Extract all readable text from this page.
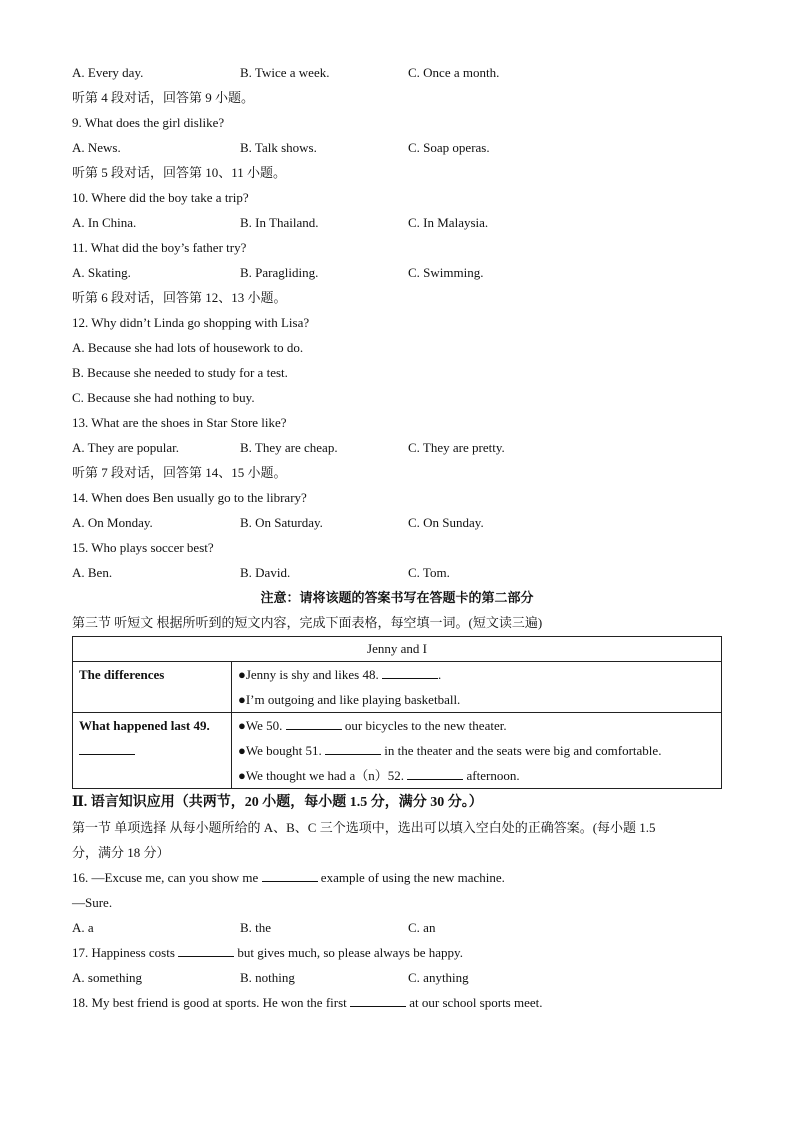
A. Every day.	B. Twice a week.	C. Once a month.
听第 4 段对话，回答第 9 小题。
9. What does the girl dislike?
A. News.	B. Talk shows.	C. Soap operas.
听第 5 段对话，回答第 10、11 小题。
10. Where did the boy take a trip?
A. In China.	B. In Thailand.	C. In Malaysia.
11. What did the boy’s father try?
A. Skating.	B. Paragliding.	C. Swimming.
听第 6 段对话，回答第 12、13 小题。
12. Why didn’t Linda go shopping with Lisa?
A. Because she had lots of housework to do.
B. Because she needed to study for a test.
C. Because she had nothing to buy.
13. What are the shoes in Star Store like?
A. They are popular.	B. They are cheap.	C. They are pretty.
听第 7 段对话，回答第 14、15 小题。
14. When does Ben usually go to the library?
A. On Monday.	B. On Saturday.	C. On Sunday.
15. Who plays soccer best?
A. Ben.	B. David.	C. Tom.
注意：请将该题的答案书写在答题卡的第二部分
第三节 听短文 根据所听到的短文内容，完成下面表格，每空填一词。(短文读三遍)
Jenny and I	
The differences	●Jenny is shy and likes 48. .
●I’m outgoing and like playing basketball.

What happened last 49.	●We 50. our bicycles to the new theater.
●We bought 51. in the theater and the seats were big and comfortable.
●We thought we had a（n）52. afternoon.
Ⅱ. 语言知识应用（共两节，20 小题，每小题 1.5 分，满分 30 分。）
第一节 单项选择 从每小题所给的 A、B、C 三个选项中，选出可以填入空白处的正确答案。(每小题 1.5
分，满分 18 分）
16. —Excuse me, can you show me	example of using the new machine.
—Sure.
A. a	B. the	C. an
17. Happiness costs	but gives much, so please always be happy.
A. something	B. nothing	C. anything
18. My best friend is good at sports. He won the first	at our school sports meet.
